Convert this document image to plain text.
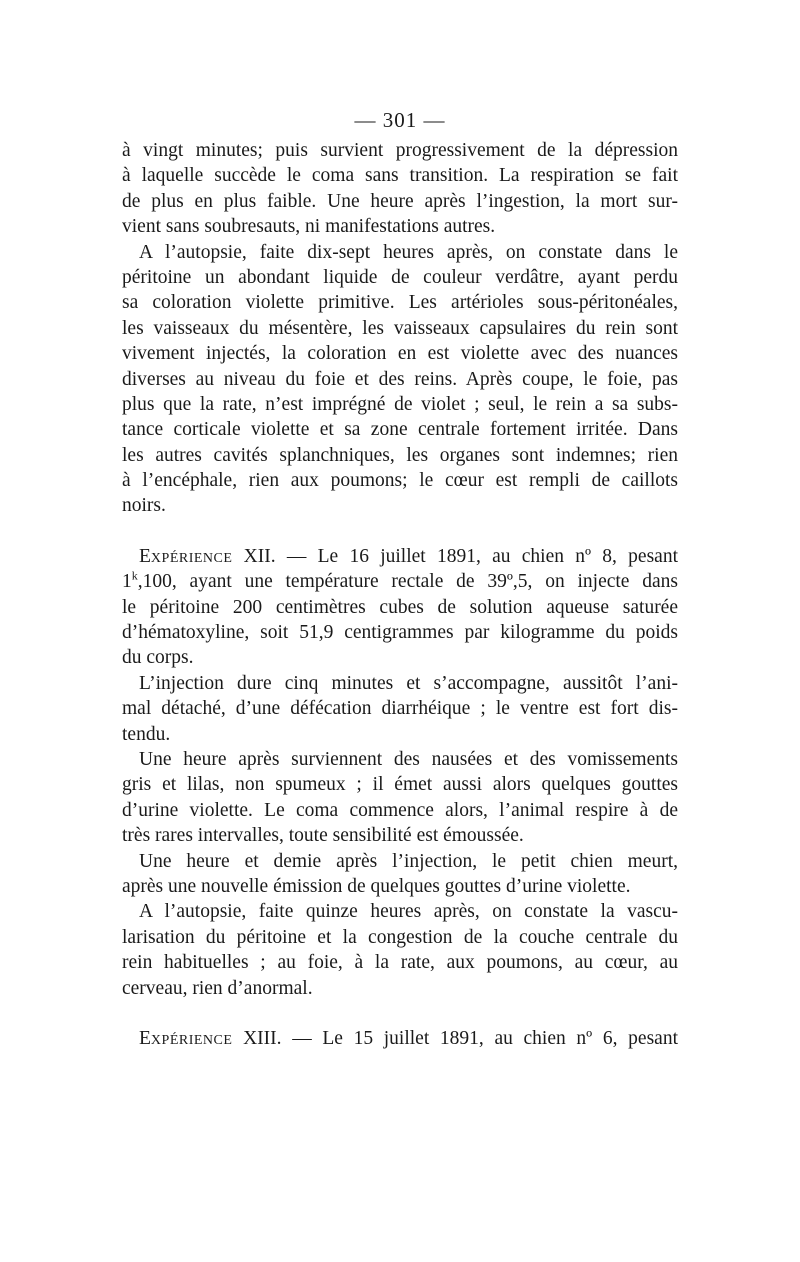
— 301 —

à vingt minutes; puis survient progressivement de la dépression
à laquelle succède le coma sans transition. La respiration se fait
de plus en plus faible. Une heure après l’ingestion, la mort sur-
vient sans soubresauts, ni manifestations autres.

A l’autopsie, faite dix-sept heures après, on constate dans le
péritoine un abondant liquide de couleur verdâtre, ayant perdu
sa coloration violette primitive. Les artérioles sous-péritonéales,
les vaisseaux du mésentère, les vaisseaux capsulaires du rein sont
vivement injectés, la coloration en est violette avec des nuances
diverses au niveau du foie et des reins. Après coupe, le foie, pas
plus que la rate, n’est imprégné de violet ; seul, le rein a sa subs-
tance corticale violette et sa zone centrale fortement irritée. Dans
les autres cavités splanchniques, les organes sont indemnes; rien
à l’encéphale, rien aux poumons; le cœur est rempli de caillots
noirs.

EXPÉRIENCE XII. — Le 16 juillet 1891, au chien nº 8, pesant
1$^k$,100, ayant une température rectale de 39º,5, on injecte dans
le péritoine 200 centimètres cubes de solution aqueuse saturée
d’hématoxyline, soit 51,9 centigrammes par kilogramme du poids
du corps.

L’injection dure cinq minutes et s’accompagne, aussitôt l’ani-
mal détaché, d’une défécation diarrhéique ; le ventre est fort dis-
tendu.

Une heure après surviennent des nausées et des vomissements
gris et lilas, non spumeux ; il émet aussi alors quelques gouttes
d’urine violette. Le coma commence alors, l’animal respire à de
très rares intervalles, toute sensibilité est émoussée.

Une heure et demie après l’injection, le petit chien meurt,
après une nouvelle émission de quelques gouttes d’urine violette.

A l’autopsie, faite quinze heures après, on constate la vascu-
larisation du péritoine et la congestion de la couche centrale du
rein habituelles ; au foie, à la rate, aux poumons, au cœur, au
cerveau, rien d’anormal.

EXPÉRIENCE XIII. — Le 15 juillet 1891, au chien nº 6, pesant
